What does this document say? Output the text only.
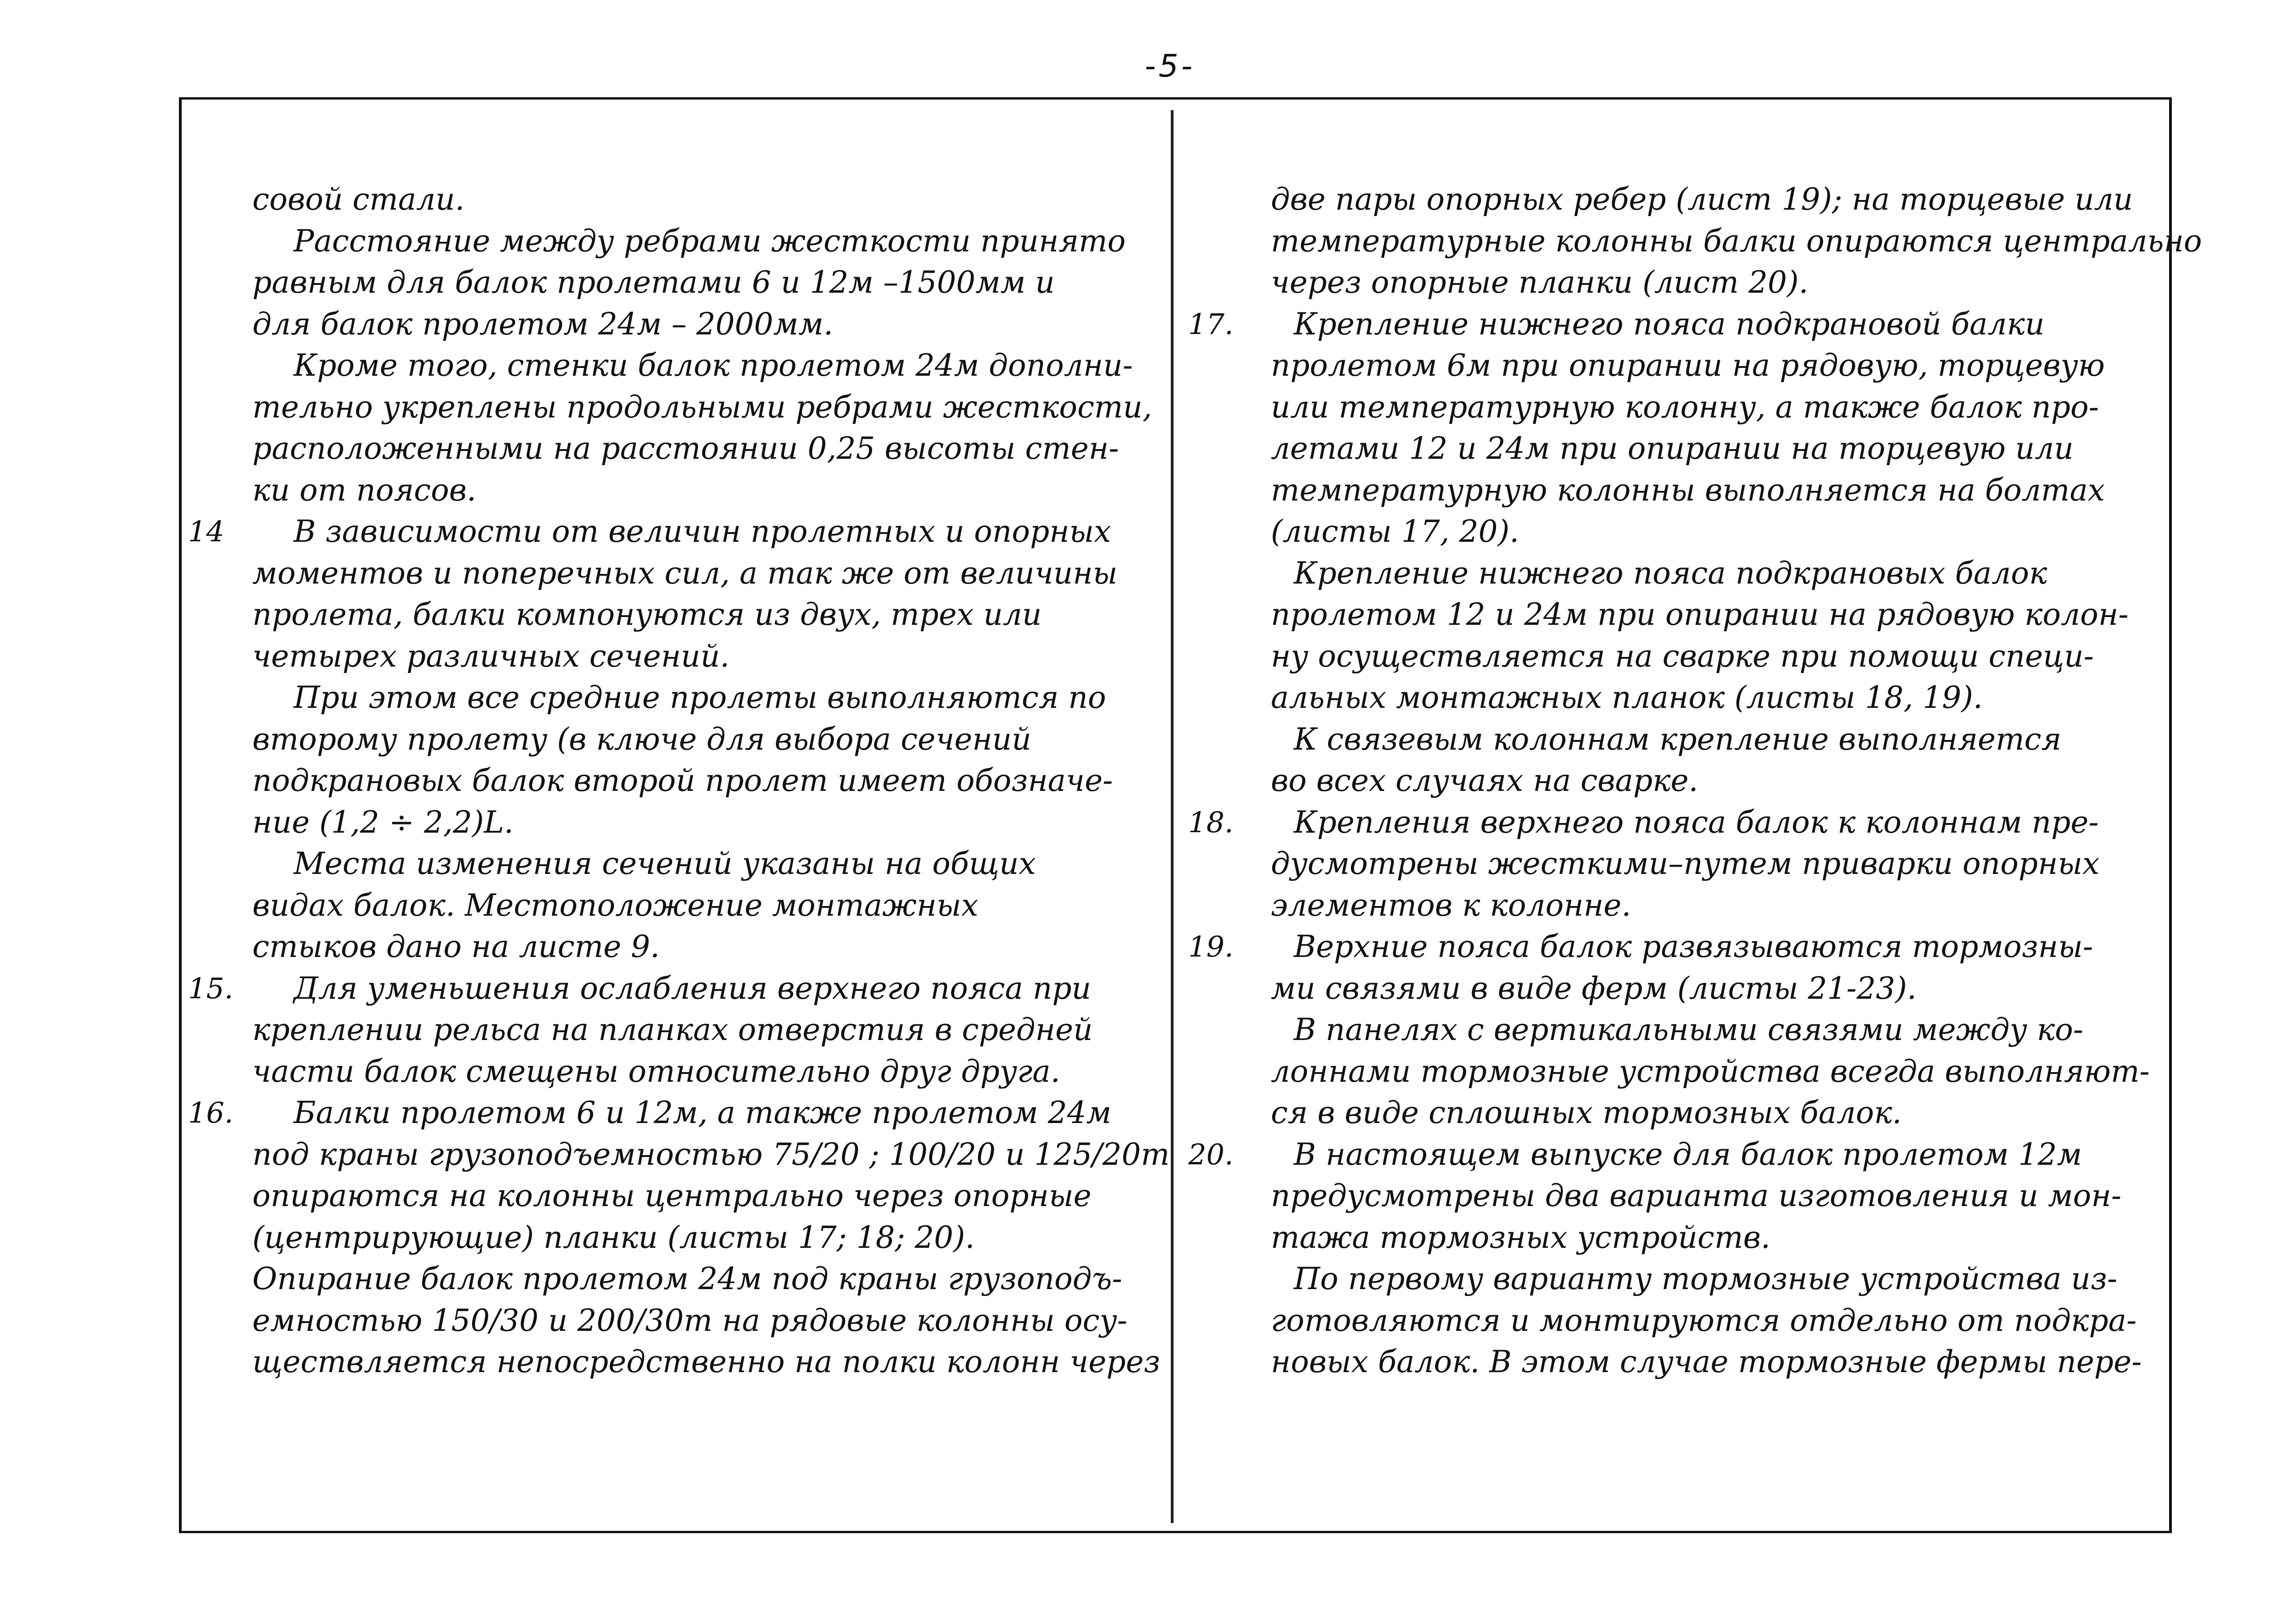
-5-
совой стали.
Расстояние между ребрами жесткости принято
равным для балок пролетами 6 и 12м –1500мм и
для балок пролетом 24м – 2000мм.
Кроме того, стенки балок пролетом 24м дополни-
тельно укреплены продольными ребрами жесткости,
расположенными на расстоянии 0,25 высоты стен-
ки от поясов.
14	В зависимости от величин пролетных и опорных
моментов и поперечных сил, а так же от величины
пролета, балки компонуются из двух, трех или
четырех различных сечений.
При этом все средние пролеты выполняются по
второму пролету (в ключе для выбора сечений
подкрановых балок второй пролет имеет обозначе-
ние (1,2 ÷ 2,2)L.
Места изменения сечений указаны на общих
видах балок. Местоположение монтажных
стыков дано на листе 9.
15.	Для уменьшения ослабления верхнего пояса при
креплении рельса на планках отверстия в средней
части балок смещены относительно друг друга.
16.	Балки пролетом 6 и 12м, а также пролетом 24м
под краны грузоподъемностью 75/20 ; 100/20 и 125/20т
опираются на колонны центрально через опорные
(центрирующие) планки (листы 17; 18; 20).
Опирание балок пролетом 24м под краны грузоподъ-
емностью 150/30 и 200/30т на рядовые колонны осу-
ществляется непосредственно на полки колонн через
две пары опорных ребер (лист 19); на торцевые или
температурные колонны балки опираются центрально
через опорные планки (лист 20).
17.	Крепление нижнего пояса подкрановой балки
пролетом 6м при опирании на рядовую, торцевую
или температурную колонну, а также балок про-
летами 12 и 24м при опирании на торцевую или
температурную колонны выполняется на болтах
(листы 17, 20).
Крепление нижнего пояса подкрановых балок
пролетом 12 и 24м при опирании на рядовую колон-
ну осуществляется на сварке при помощи специ-
альных монтажных планок (листы 18, 19).
К связевым колоннам крепление выполняется
во всех случаях на сварке.
18.	Крепления верхнего пояса балок к колоннам пре-
дусмотрены жесткими–путем приварки опорных
элементов к колонне.
19.	Верхние пояса балок развязываются тормозны-
ми связями в виде ферм (листы 21-23).
В панелях с вертикальными связями между ко-
лоннами тормозные устройства всегда выполняют-
ся в виде сплошных тормозных балок.
20.	В настоящем выпуске для балок пролетом 12м
предусмотрены два варианта изготовления и мон-
тажа тормозных устройств.
По первому варианту тормозные устройства из-
готовляются и монтируются отдельно от подкра-
новых балок. В этом случае тормозные фермы пере-
